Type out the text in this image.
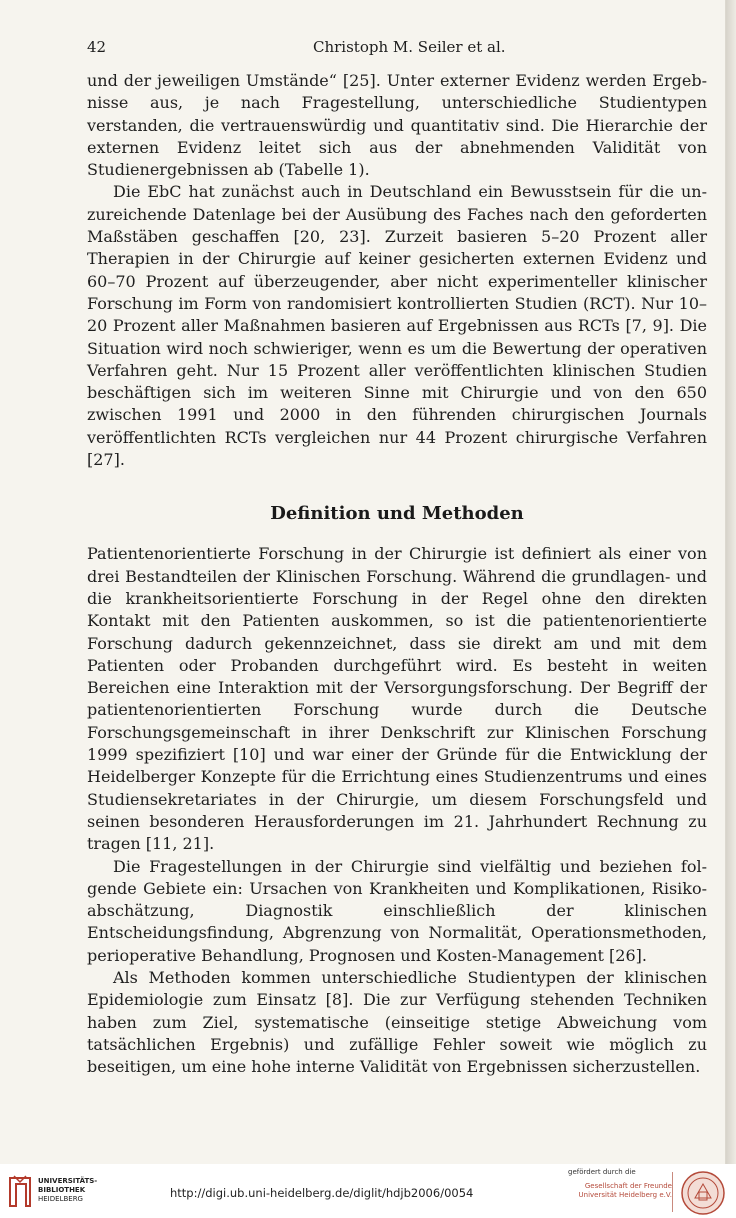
42	Christoph M. Seiler et al.

und der jeweiligen Umstände“ [25]. Unter externer Evidenz werden Ergebnisse aus, je nach Fragestellung, unterschiedliche Studientypen verstanden, die vertrauenswürdig und quantitativ sind. Die Hierarchie der externen Evidenz leitet sich aus der abnehmenden Validität von Studienergebnissen ab (Tabelle 1).

Die EbC hat zunächst auch in Deutschland ein Bewusstsein für die unzureichende Datenlage bei der Ausübung des Faches nach den geforderten Maßstäben geschaffen [20, 23]. Zurzeit basieren 5–20 Prozent aller Therapien in der Chirurgie auf keiner gesicherten externen Evidenz und 60–70 Prozent auf überzeugender, aber nicht experimenteller klinischer Forschung im Form von randomisiert kontrollierten Studien (RCT). Nur 10–20 Prozent aller Maßnahmen basieren auf Ergebnissen aus RCTs [7, 9]. Die Situation wird noch schwieriger, wenn es um die Bewertung der operativen Verfahren geht. Nur 15 Prozent aller veröffentlichten klinischen Studien beschäftigen sich im weiteren Sinne mit Chirurgie und von den 650 zwischen 1991 und 2000 in den führenden chirurgischen Journals veröffentlichten RCTs vergleichen nur 44 Prozent chirurgische Verfahren [27].

Definition und Methoden

Patientenorientierte Forschung in der Chirurgie ist definiert als einer von drei Bestandteilen der Klinischen Forschung. Während die grundlagen- und die krankheitsorientierte Forschung in der Regel ohne den direkten Kontakt mit den Patienten auskommen, so ist die patientenorientierte Forschung dadurch gekennzeichnet, dass sie direkt am und mit dem Patienten oder Probanden durchgeführt wird. Es besteht in weiten Bereichen eine Interaktion mit der Versorgungsforschung. Der Begriff der patientenorientierten Forschung wurde durch die Deutsche Forschungsgemeinschaft in ihrer Denkschrift zur Klinischen Forschung 1999 spezifiziert [10] und war einer der Gründe für die Entwicklung der Heidelberger Konzepte für die Errichtung eines Studienzentrums und eines Studiensekretariates in der Chirurgie, um diesem Forschungsfeld und seinen besonderen Herausforderungen im 21. Jahrhundert Rechnung zu tragen [11, 21].

Die Fragestellungen in der Chirurgie sind vielfältig und beziehen folgende Gebiete ein: Ursachen von Krankheiten und Komplikationen, Risikoabschätzung, Diagnostik einschließlich der klinischen Entscheidungsfindung, Abgrenzung von Normalität, Operationsmethoden, perioperative Behandlung, Prognosen und Kosten-Management [26].

Als Methoden kommen unterschiedliche Studientypen der klinischen Epidemiologie zum Einsatz [8]. Die zur Verfügung stehenden Techniken haben zum Ziel, systematische (einseitige stetige Abweichung vom tatsächlichen Ergebnis) und zufällige Fehler soweit wie möglich zu beseitigen, um eine hohe interne Validität von Ergebnissen sicherzustellen.

UNIVERSITÄTS-
BIBLIOTHEK
HEIDELBERG	http://digi.ub.uni-heidelberg.de/diglit/hdjb2006/0054
gefördert durch die
Gesellschaft der Freunde
Universität Heidelberg e.V.
